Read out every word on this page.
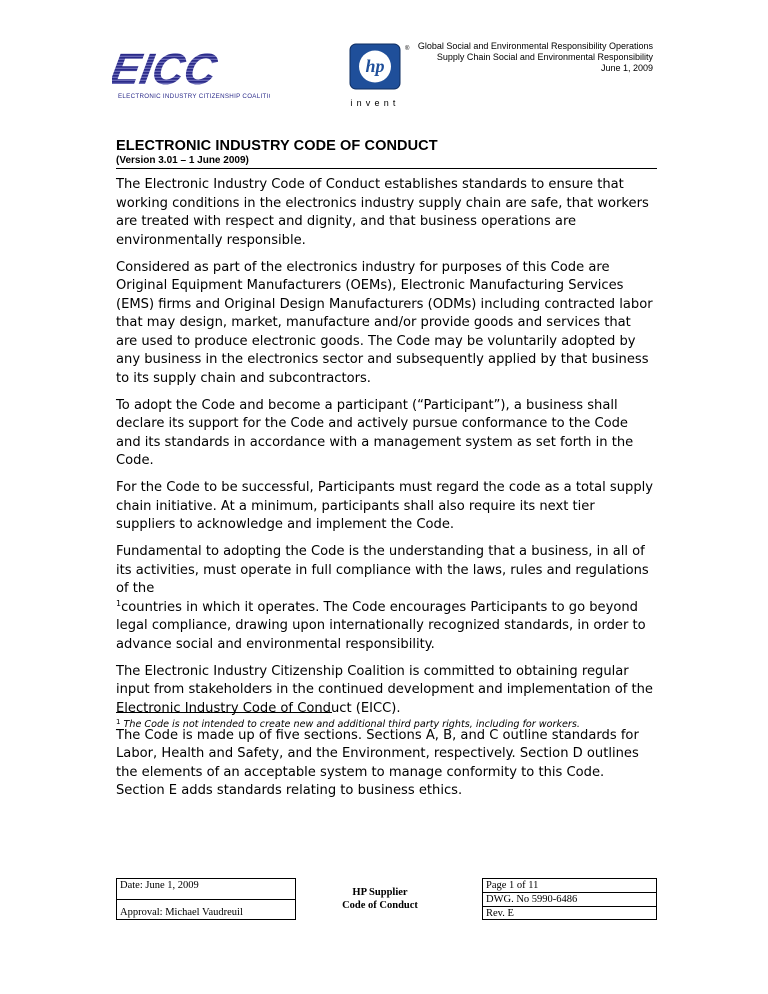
EICC
ELECTRONIC INDUSTRY CITIZENSHIP COALITION
hp
®
invent
Global Social and Environmental Responsibility Operations
Supply Chain Social and Environmental Responsibility
June 1, 2009
ELECTRONIC INDUSTRY CODE OF CONDUCT
(Version 3.01 – 1 June 2009)

The Electronic Industry Code of Conduct establishes standards to ensure that working conditions in the electronics industry supply chain are safe, that workers are treated with respect and dignity, and that business operations are environmentally responsible.

Considered as part of the electronics industry for purposes of this Code are Original Equipment Manufacturers (OEMs), Electronic Manufacturing Services (EMS) firms and Original Design Manufacturers (ODMs) including contracted labor that may design, market, manufacture and/or provide goods and services that are used to produce electronic goods. The Code may be voluntarily adopted by any business in the electronics sector and subsequently applied by that business to its supply chain and subcontractors.

To adopt the Code and become a participant (“Participant”), a business shall declare its support for the Code and actively pursue conformance to the Code and its standards in accordance with a management system as set forth in the Code.

For the Code to be successful, Participants must regard the code as a total supply chain initiative. At a minimum, participants shall also require its next tier suppliers to acknowledge and implement the Code.

Fundamental to adopting the Code is the understanding that a business, in all of its activities, must operate in full compliance with the laws, rules and regulations of the
$^1$countries in which it operates. The Code encourages Participants to go beyond legal compliance, drawing upon internationally recognized standards, in order to advance social and environmental responsibility.

The Electronic Industry Citizenship Coalition is committed to obtaining regular input from stakeholders in the continued development and implementation of the Electronic Industry Code of Conduct (EICC).

The Code is made up of five sections. Sections A, B, and C outline standards for Labor, Health and Safety, and the Environment, respectively. Section D outlines the elements of an acceptable system to manage conformity to this Code. Section E adds standards relating to business ethics.

$^1$ The Code is not intended to create new and additional third party rights, including for workers.
Date: June 1, 2009
Approval: Michael Vaudreuil
HP Supplier
Code of Conduct
Page 1 of 11
DWG. No 5990-6486
Rev. E
